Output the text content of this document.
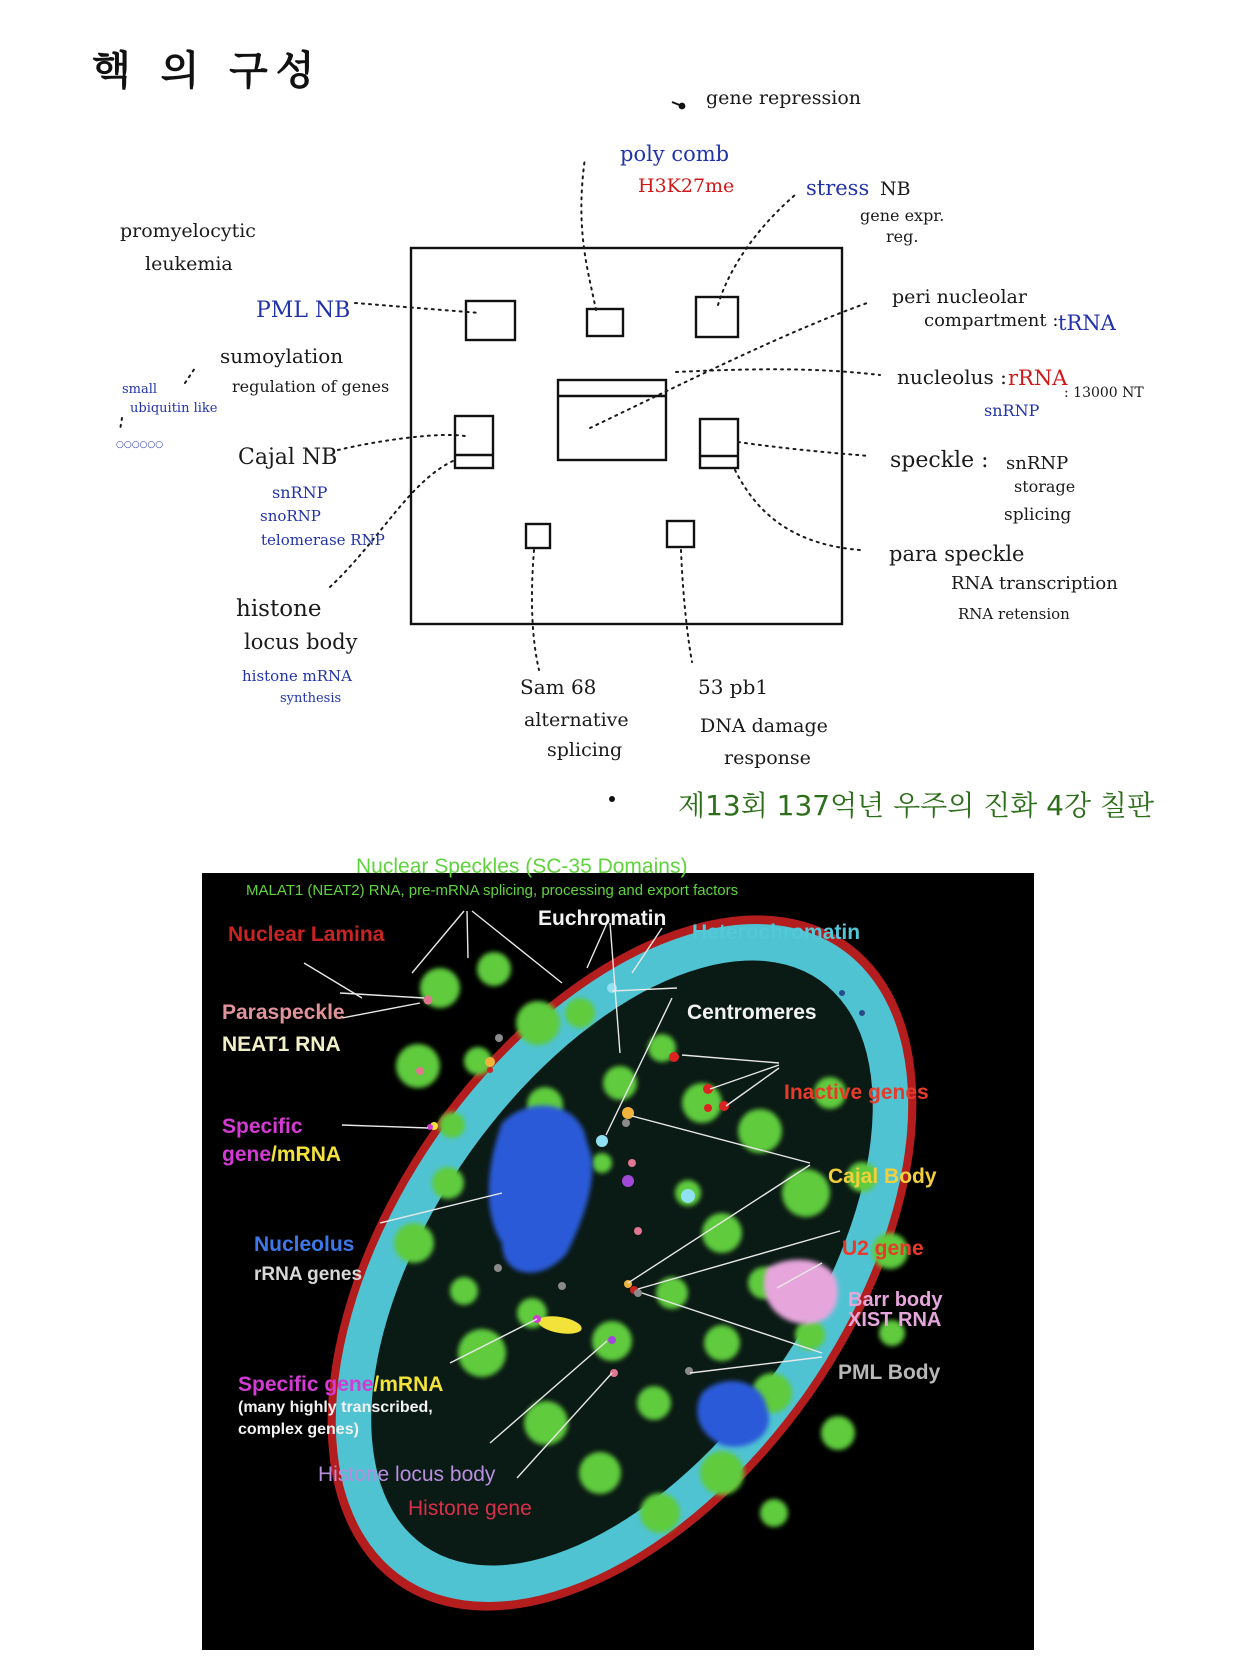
핵 의 구성
gene repression
poly comb
H3K27me	stress NB
gene expr.
reg.
promyelocytic
leukemia
PML NB
peri nucleolar
compartment : tRNA
sumoylation
regulation of genes
small
ubiquitin like
○○○○○○
nucleolus : rRNA
: 13000 NT
snRNP
Cajal NB
snRNP
snoRNP
telomerase RNP
speckle : snRNP
storage
splicing
para speckle
RNA transcription
RNA retension
histone
locus body
histone mRNA
synthesis	Sam 68
alternative
splicing
53 pb1
DNA damage
response
제13회 137억년 우주의 진화 4강 칠판
Nuclear Speckles (SC-35 Domains)
MALAT1 (NEAT2) RNA, pre-mRNA splicing, processing and export factors
Euchromatin
Heterochromatin
Nuclear Lamina
Paraspeckle
NEAT1 RNA
Centromeres
Inactive genes
Specific
gene/mRNA
Cajal Body
Nucleolus
rRNA genes
U2 gene
Barr body
XIST RNA
PML Body
Specific gene/mRNA
(many highly transcribed,
complex genes)
Histone locus body
Histone gene
